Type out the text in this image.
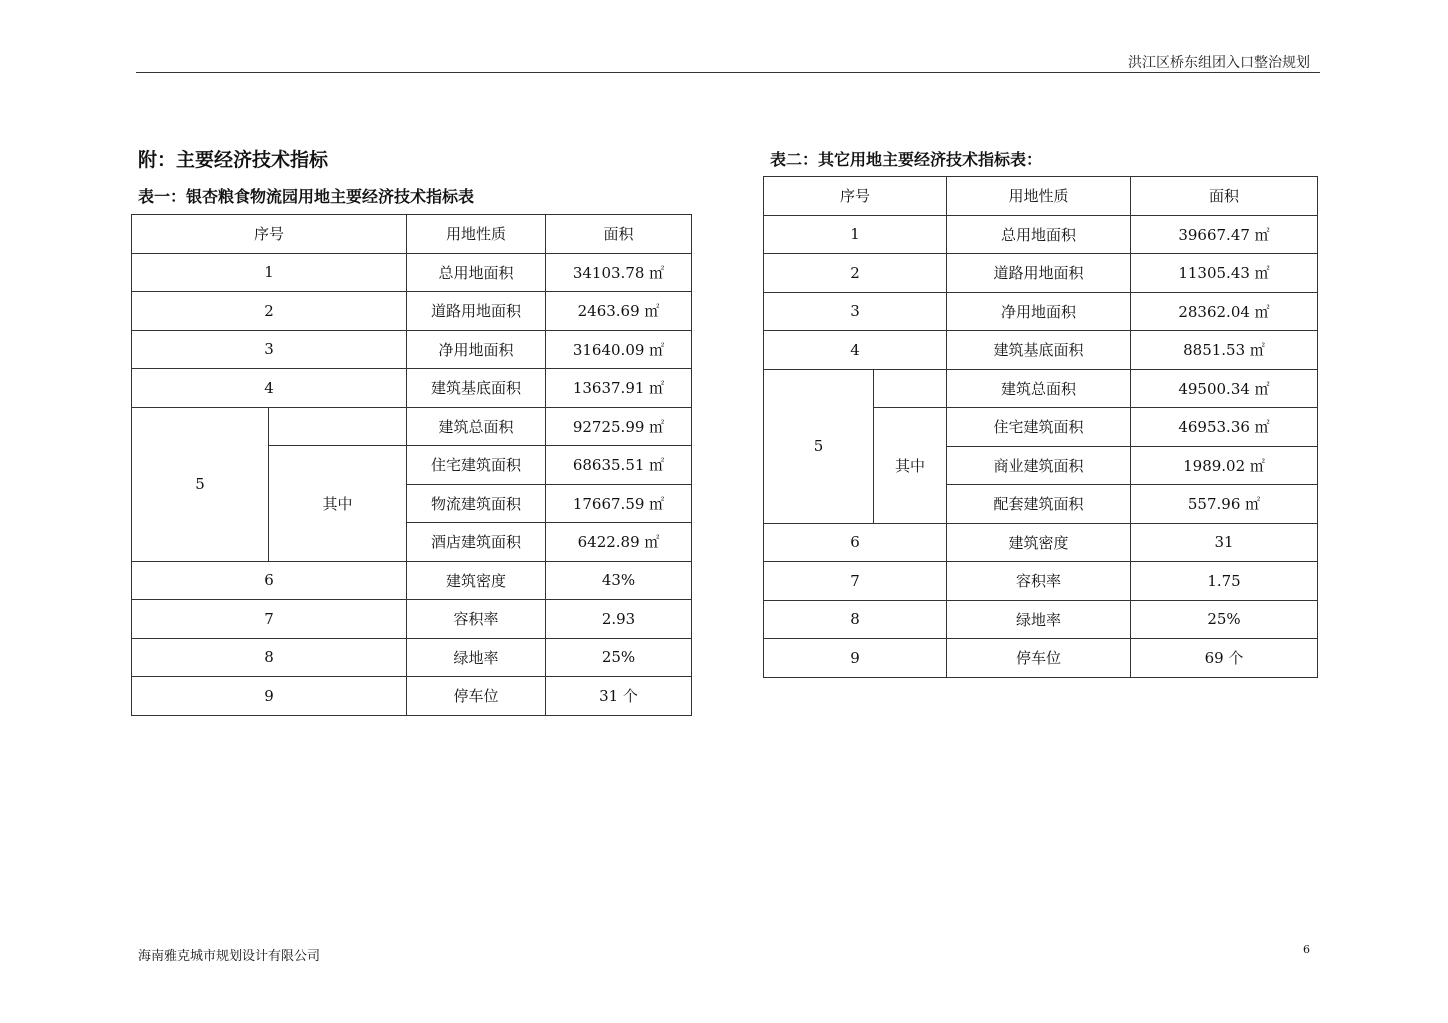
洪江区桥东组团入口整治规划
附：主要经济技术指标
表一：银杏粮食物流园用地主要经济技术指标表
表二：其它用地主要经济技术指标表：
序号		用地性质	面积
1		总用地面积	34103.78 ㎡
2		道路用地面积	2463.69 ㎡
3		净用地面积	31640.09 ㎡
4		建筑基底面积	13637.91 ㎡
5		建筑总面积	92725.99 ㎡
	其中	住宅建筑面积	68635.51 ㎡
		物流建筑面积	17667.59 ㎡
		酒店建筑面积	6422.89 ㎡
6		建筑密度	43%
7		容积率	2.93
8		绿地率	25%
9		停车位	31 个
序号		用地性质	面积
1		总用地面积	39667.47 ㎡
2		道路用地面积	11305.43 ㎡
3		净用地面积	28362.04 ㎡
4		建筑基底面积	8851.53 ㎡
5		建筑总面积	49500.34 ㎡
	其中	住宅建筑面积	46953.36 ㎡
		商业建筑面积	1989.02 ㎡
		配套建筑面积	557.96 ㎡
6		建筑密度	31
7		容积率	1.75
8		绿地率	25%
9		停车位	69 个
海南雅克城市规划设计有限公司	6
